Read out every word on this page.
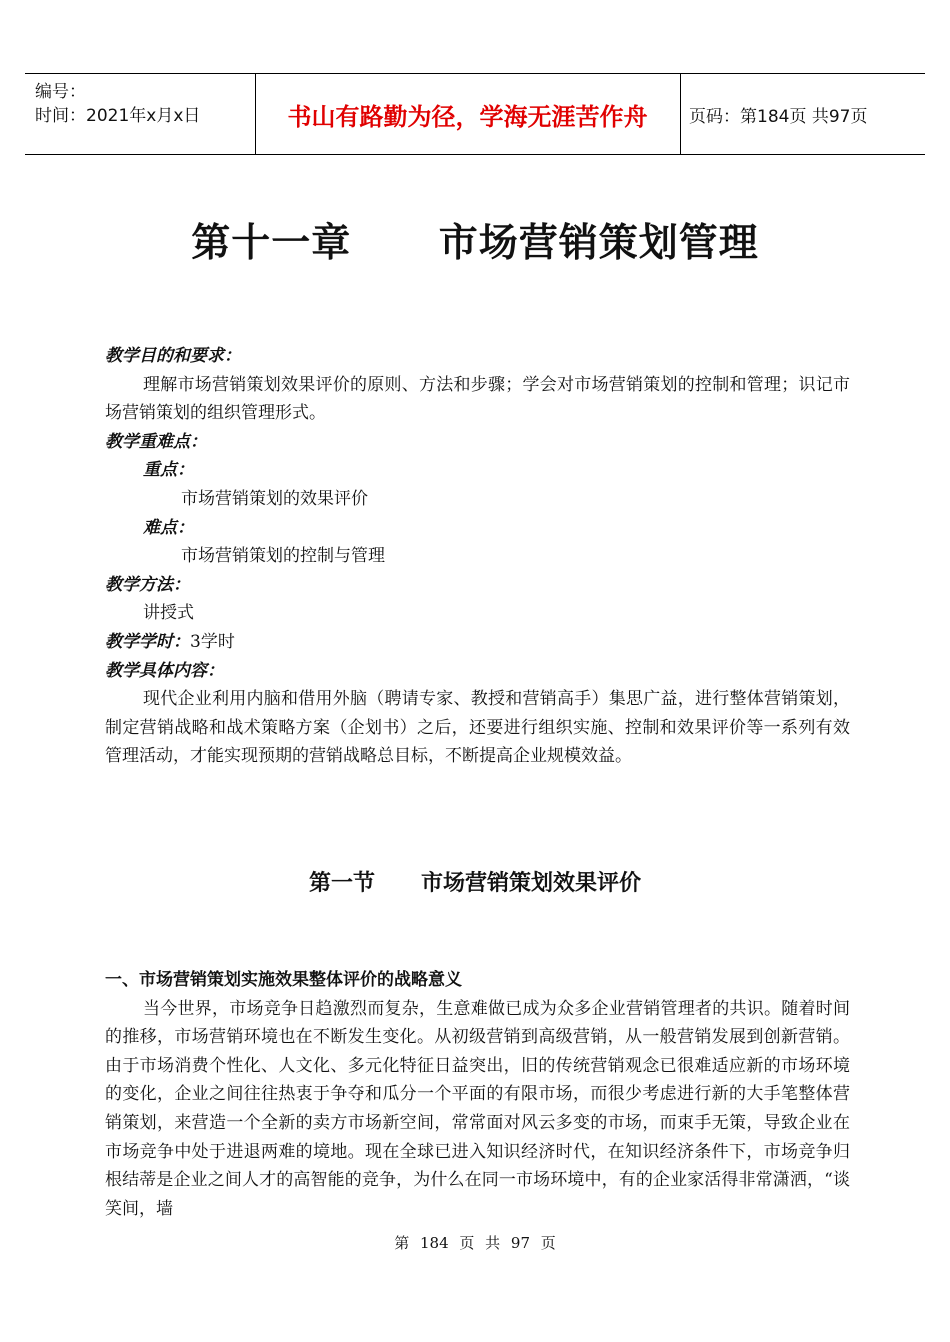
编号：
时间：2021年x月x日	书山有路勤为径，学海无涯苦作舟	页码：第184页 共97页
第十一章      市场营销策划管理

教学目的和要求：

理解市场营销策划效果评价的原则、方法和步骤；学会对市场营销策划的控制和管理；识记市场营销策划的组织管理形式。

教学重难点：

重点：

市场营销策划的效果评价

难点：

市场营销策划的控制与管理

教学方法：

讲授式

教学学时：3学时

教学具体内容：

现代企业利用内脑和借用外脑（聘请专家、教授和营销高手）集思广益，进行整体营销策划，制定营销战略和战术策略方案（企划书）之后，还要进行组织实施、控制和效果评价等一系列有效管理活动，才能实现预期的营销战略总目标，不断提高企业规模效益。

第一节      市场营销策划效果评价

一、市场营销策划实施效果整体评价的战略意义

当今世界，市场竞争日趋激烈而复杂，生意难做已成为众多企业营销管理者的共识。随着时间的推移，市场营销环境也在不断发生变化。从初级营销到高级营销，从一般营销发展到创新营销。由于市场消费个性化、人文化、多元化特征日益突出，旧的传统营销观念已很难适应新的市场环境的变化，企业之间往往热衷于争夺和瓜分一个平面的有限市场，而很少考虑进行新的大手笔整体营销策划，来营造一个全新的卖方市场新空间，常常面对风云多变的市场，而束手无策，导致企业在市场竞争中处于进退两难的境地。现在全球已进入知识经济时代，在知识经济条件下，市场竞争归根结蒂是企业之间人才的高智能的竞争，为什么在同一市场环境中，有的企业家活得非常潇洒，“谈笑间，墙

第 184 页 共 97 页
